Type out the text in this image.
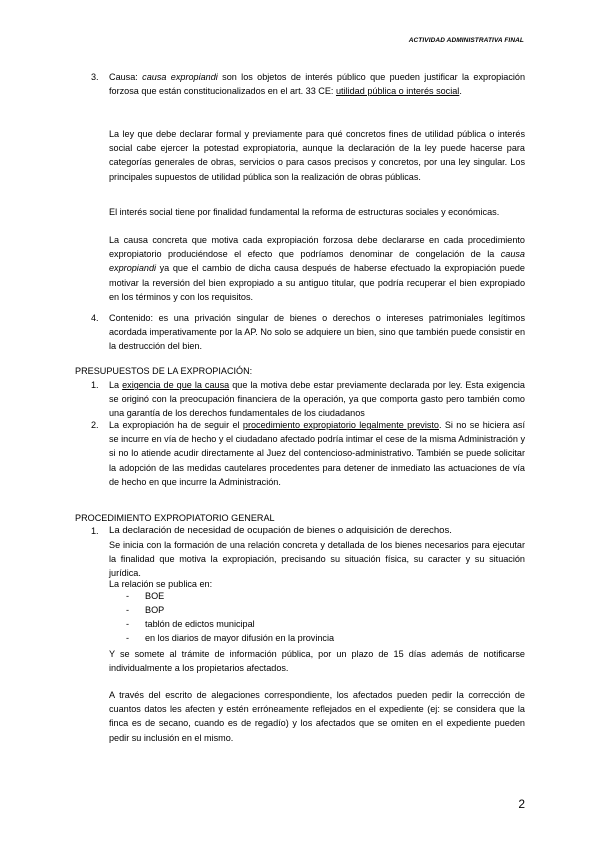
ACTIVIDAD ADMINISTRATIVA FINAL
3. Causa: causa expropiandi son los objetos de interés público que pueden justificar la expropiación forzosa que están constitucionalizados en el art. 33 CE: utilidad pública o interés social.

La ley que debe declarar formal y previamente para qué concretos fines de utilidad pública o interés social cabe ejercer la potestad expropiatoria, aunque la declaración de la ley puede hacerse para categorías generales de obras, servicios o para casos precisos y concretos, por una ley singular. Los principales supuestos de utilidad pública son la realización de obras públicas.

El interés social tiene por finalidad fundamental la reforma de estructuras sociales y económicas.

La causa concreta que motiva cada expropiación forzosa debe declararse en cada procedimiento expropiatorio produciéndose el efecto que podríamos denominar de congelación de la causa expropiandi ya que el cambio de dicha causa después de haberse efectuado la expropiación puede motivar la reversión del bien expropiado a su antiguo titular, que podría recuperar el bien expropiado en los términos y con los requisitos.

4. Contenido: es una privación singular de bienes o derechos o intereses patrimoniales legítimos acordada imperativamente por la AP. No solo se adquiere un bien, sino que también puede consistir en la destrucción del bien.

PRESUPUESTOS DE LA EXPROPIACIÓN:
1. La exigencia de que la causa que la motiva debe estar previamente declarada por ley. Esta exigencia se originó con la preocupación financiera de la operación, ya que comporta gasto pero también como una garantía de los derechos fundamentales de los ciudadanos

2. La expropiación ha de seguir el procedimiento expropiatorio legalmente previsto. Si no se hiciera así se incurre en vía de hecho y el ciudadano afectado podría intimar el cese de la misma Administración y si no lo atiende acudir directamente al Juez del contencioso-administrativo. También se puede solicitar la adopción de las medidas cautelares procedentes para detener de inmediato las actuaciones de vía de hecho en que incurre la Administración.

PROCEDIMIENTO EXPROPIATORIO GENERAL
1. La declaración de necesidad de ocupación de bienes o adquisición de derechos.

Se inicia con la formación de una relación concreta y detallada de los bienes necesarios para ejecutar la finalidad que motiva la expropiación, precisando su situación física, su caracter y su situación jurídica.

La relación se publica en:
- BOE
- BOP
- tablón de edictos municipal
- en los diarios de mayor difusión en la provincia

Y se somete al trámite de información pública, por un plazo de 15 días además de notificarse individualmente a los propietarios afectados.

A través del escrito de alegaciones correspondiente, los afectados pueden pedir la corrección de cuantos datos les afecten y estén erróneamente reflejados en el expediente (ej: se considera que la finca es de secano, cuando es de regadío) y los afectados que se omiten en el expediente pueden pedir su inclusión en el mismo.

2
